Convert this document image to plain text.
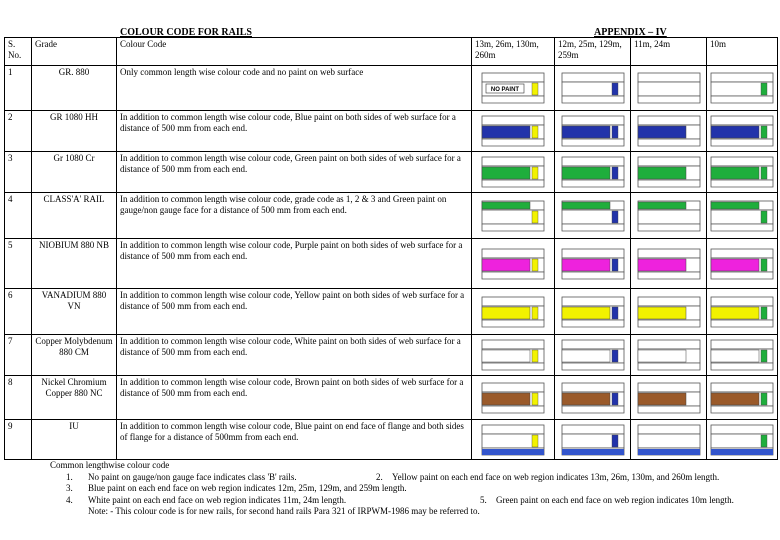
COLOUR CODE FOR RAILS	APPENDIX – IV
S. No.	Grade	Colour Code	13m, 26m, 130m, 260m	12m, 25m, 129m, 259m	11m, 24m	10m
1	GR. 880	Only common length wise colour code and no paint on web surface	NO PAINT

2	GR 1080 HH	In addition to common length wise colour code, Blue paint on both sides of web surface for a distance of 500 mm from each end.	

3	Gr 1080 Cr	In addition to common length wise colour code, Green paint on both sides of web surface for a distance of 500 mm from each end.	

4	CLASS'A' RAIL	In addition to common length wise colour code, grade code as 1, 2 & 3 and Green paint on gauge/non gauge face for a distance of 500 mm from each end.	

5	NIOBIUM 880 NB	In addition to common length wise colour code, Purple paint on both sides of web surface for a distance of 500 mm from each end.	

6	VANADIUM 880 VN	In addition to common length wise colour code, Yellow paint on both sides of web surface for a distance of 500 mm from each end.	

7	Copper Molybdenum 880 CM	In addition to common length wise colour code, White paint on both sides of web surface for a distance of 500 mm from each end.	

8	Nickel Chromium Copper 880 NC	In addition to common length wise colour code, Brown paint on both sides of web surface for a distance of 500 mm from each end.	

9	IU	In addition to common length wise colour code, Blue paint on end face of flange and both sides of flange for a distance of 500mm from each end.	

Common lengthwise colour code
1. No paint on gauge/non gauge face indicates class 'B' rails.	2. Yellow paint on each end face on web region indicates 13m, 26m, 130m, and 260m length.
3. Blue paint on each end face on web region indicates 12m, 25m, 129m, and 259m length.
4. White paint on each end face on web region indicates 11m, 24m length.	5. Green paint on each end face on web region indicates 10m length.
Note: - This colour code is for new rails, for second hand rails Para 321 of IRPWM-1986 may be referred to.
